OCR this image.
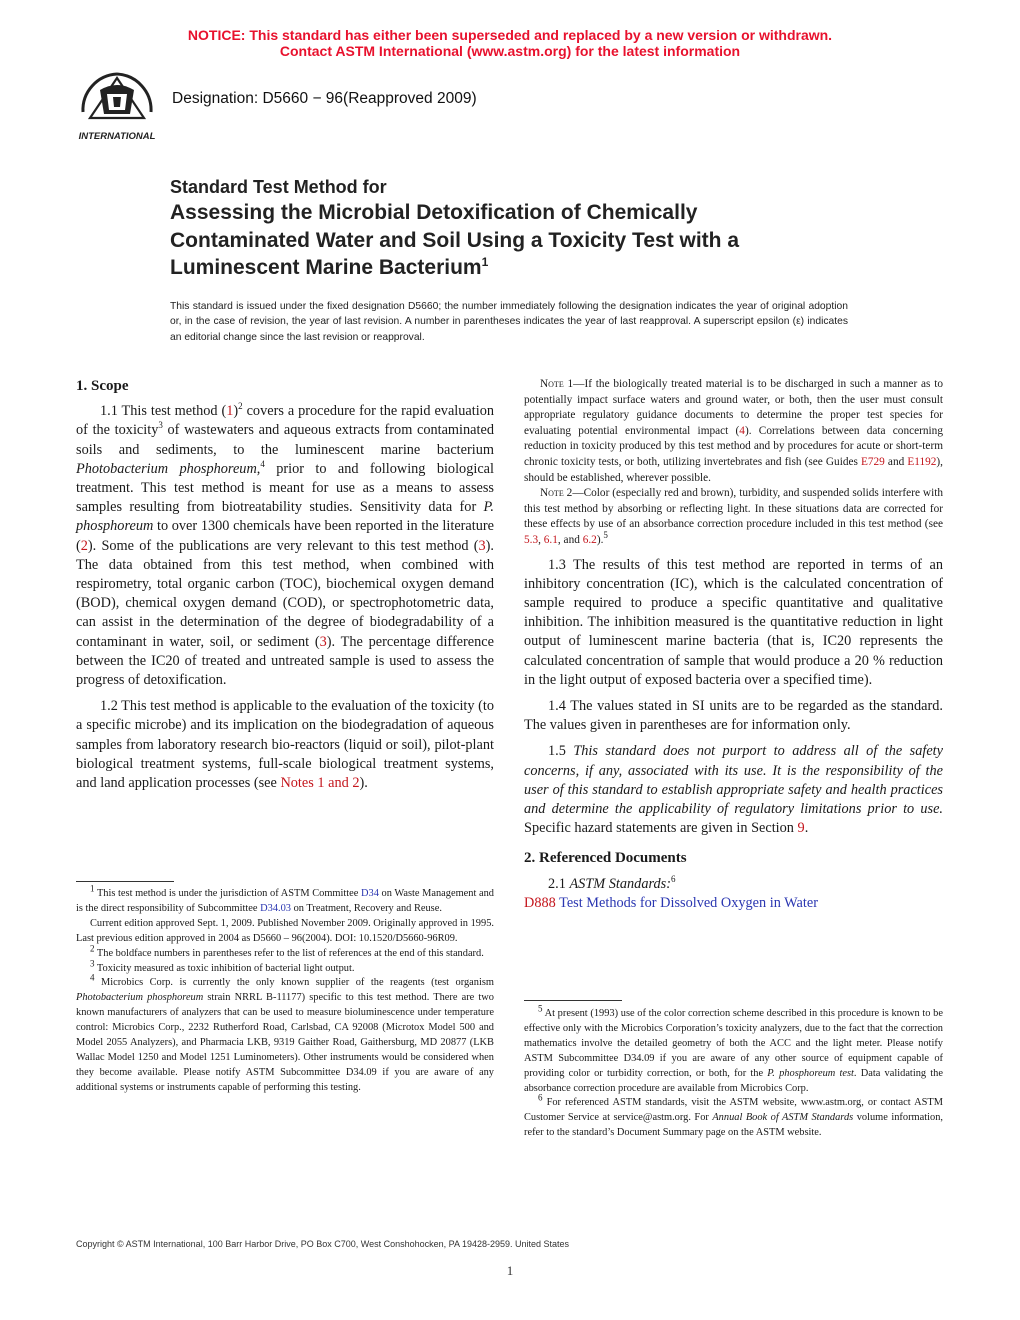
NOTICE: This standard has either been superseded and replaced by a new version or withdrawn.
Contact ASTM International (www.astm.org) for the latest information
INTERNATIONAL
Designation: D5660 − 96(Reapproved 2009)
Standard Test Method for
Assessing the Microbial Detoxification of Chemically
Contaminated Water and Soil Using a Toxicity Test with a
Luminescent Marine Bacterium$^1$
This standard is issued under the fixed designation D5660; the number immediately following the designation indicates the year of original adoption or, in the case of revision, the year of last revision. A number in parentheses indicates the year of last reapproval. A superscript epsilon (ε) indicates an editorial change since the last revision or reapproval.
1. Scope

1.1 This test method $(1)^2$ covers a procedure for the rapid evaluation of the toxicity$^3$ of wastewaters and aqueous extracts from contaminated soils and sediments, to the luminescent marine bacterium Photobacterium phosphoreum,$^4$ prior to and following biological treatment. This test method is meant for use as a means to assess samples resulting from biotreatability studies. Sensitivity data for P. phosphoreum to over 1300 chemicals have been reported in the literature (2). Some of the publications are very relevant to this test method (3). The data obtained from this test method, when combined with respirometry, total organic carbon (TOC), biochemical oxygen demand (BOD), chemical oxygen demand (COD), or spectrophotometric data, can assist in the determination of the degree of biodegradability of a contaminant in water, soil, or sediment (3). The percentage difference between the IC20 of treated and untreated sample is used to assess the progress of detoxification.

1.2 This test method is applicable to the evaluation of the toxicity (to a specific microbe) and its implication on the biodegradation of aqueous samples from laboratory research bio-reactors (liquid or soil), pilot-plant biological treatment systems, full-scale biological treatment systems, and land application processes (see Notes 1 and 2).

$^1$ This test method is under the jurisdiction of ASTM Committee D34 on Waste Management and is the direct responsibility of Subcommittee D34.03 on Treatment, Recovery and Reuse.

Current edition approved Sept. 1, 2009. Published November 2009. Originally approved in 1995. Last previous edition approved in 2004 as D5660 – 96(2004). DOI: 10.1520/D5660-96R09.

$^2$ The boldface numbers in parentheses refer to the list of references at the end of this standard.

$^3$ Toxicity measured as toxic inhibition of bacterial light output.

$^4$ Microbics Corp. is currently the only known supplier of the reagents (test organism Photobacterium phosphoreum strain NRRL B-11177) specific to this test method. There are two known manufacturers of analyzers that can be used to measure bioluminescence under temperature control: Microbics Corp., 2232 Rutherford Road, Carlsbad, CA 92008 (Microtox Model 500 and Model 2055 Analyzers), and Pharmacia LKB, 9319 Gaither Road, Gaithersburg, MD 20877 (LKB Wallac Model 1250 and Model 1251 Luminometers). Other instruments would be considered when they become available. Please notify ASTM Subcommittee D34.09 if you are aware of any additional systems or instruments capable of performing this testing.

Note 1—If the biologically treated material is to be discharged in such a manner as to potentially impact surface waters and ground water, or both, then the user must consult appropriate regulatory guidance documents to determine the proper test species for evaluating potential environmental impact (4). Correlations between data concerning reduction in toxicity produced by this test method and by procedures for acute or short-term chronic toxicity tests, or both, utilizing invertebrates and fish (see Guides E729 and E1192), should be established, wherever possible.

Note 2—Color (especially red and brown), turbidity, and suspended solids interfere with this test method by absorbing or reflecting light. In these situations data are corrected for these effects by use of an absorbance correction procedure included in this test method (see 5.3, 6.1, and 6.2).$^5$

1.3 The results of this test method are reported in terms of an inhibitory concentration (IC), which is the calculated concentration of sample required to produce a specific quantitative and qualitative inhibition. The inhibition measured is the quantitative reduction in light output of luminescent marine bacteria (that is, IC20 represents the calculated concentration of sample that would produce a 20 % reduction in the light output of exposed bacteria over a specified time).

1.4 The values stated in SI units are to be regarded as the standard. The values given in parentheses are for information only.

1.5 This standard does not purport to address all of the safety concerns, if any, associated with its use. It is the responsibility of the user of this standard to establish appropriate safety and health practices and determine the applicability of regulatory limitations prior to use. Specific hazard statements are given in Section 9.

2. Referenced Documents

2.1 ASTM Standards:$^6$

D888 Test Methods for Dissolved Oxygen in Water

$^5$ At present (1993) use of the color correction scheme described in this procedure is known to be effective only with the Microbics Corporation’s toxicity analyzers, due to the fact that the correction mathematics involve the detailed geometry of both the ACC and the light meter. Please notify ASTM Subcommittee D34.09 if you are aware of any other source of equipment capable of providing color or turbidity correction, or both, for the P. phosphoreum test. Data validating the absorbance correction procedure are available from Microbics Corp.

$^6$ For referenced ASTM standards, visit the ASTM website, www.astm.org, or contact ASTM Customer Service at service@astm.org. For Annual Book of ASTM Standards volume information, refer to the standard’s Document Summary page on the ASTM website.

Copyright © ASTM International, 100 Barr Harbor Drive, PO Box C700, West Conshohocken, PA 19428-2959. United States
1
